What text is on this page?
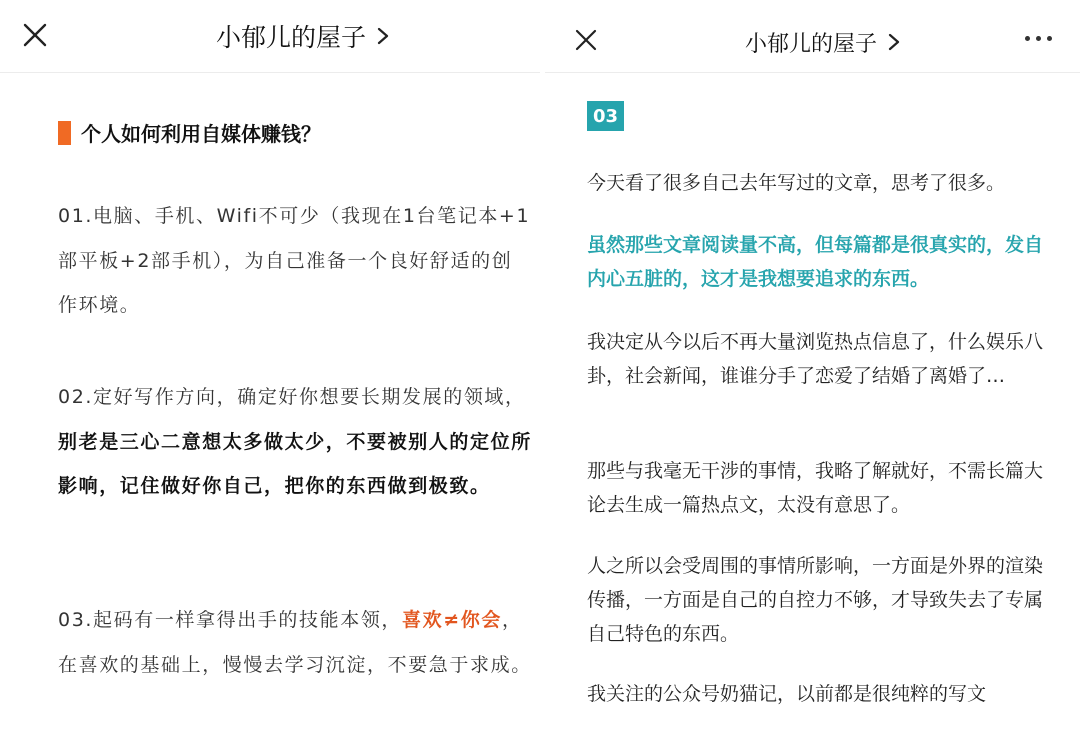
小郁儿的屋子
个人如何利用自媒体赚钱？

01.电脑、手机、Wifi不可少（我现在1台笔记本+1部平板+2部手机），为自己准备一个良好舒适的创作环境。

02.定好写作方向，确定好你想要长期发展的领域，别老是三心二意想太多做太少，不要被别人的定位所影响，记住做好你自己，把你的东西做到极致。

03.起码有一样拿得出手的技能本领，喜欢≠你会，在喜欢的基础上，慢慢去学习沉淀，不要急于求成。

小郁儿的屋子
03

今天看了很多自己去年写过的文章，思考了很多。

虽然那些文章阅读量不高，但每篇都是很真实的，发自内心五脏的，这才是我想要追求的东西。

我决定从今以后不再大量浏览热点信息了，什么娱乐八卦，社会新闻，谁谁分手了恋爱了结婚了离婚了…

那些与我毫无干涉的事情，我略了解就好，不需长篇大论去生成一篇热点文，太没有意思了。

人之所以会受周围的事情所影响，一方面是外界的渲染传播，一方面是自己的自控力不够，才导致失去了专属自己特色的东西。

我关注的公众号奶猫记，以前都是很纯粹的写文
